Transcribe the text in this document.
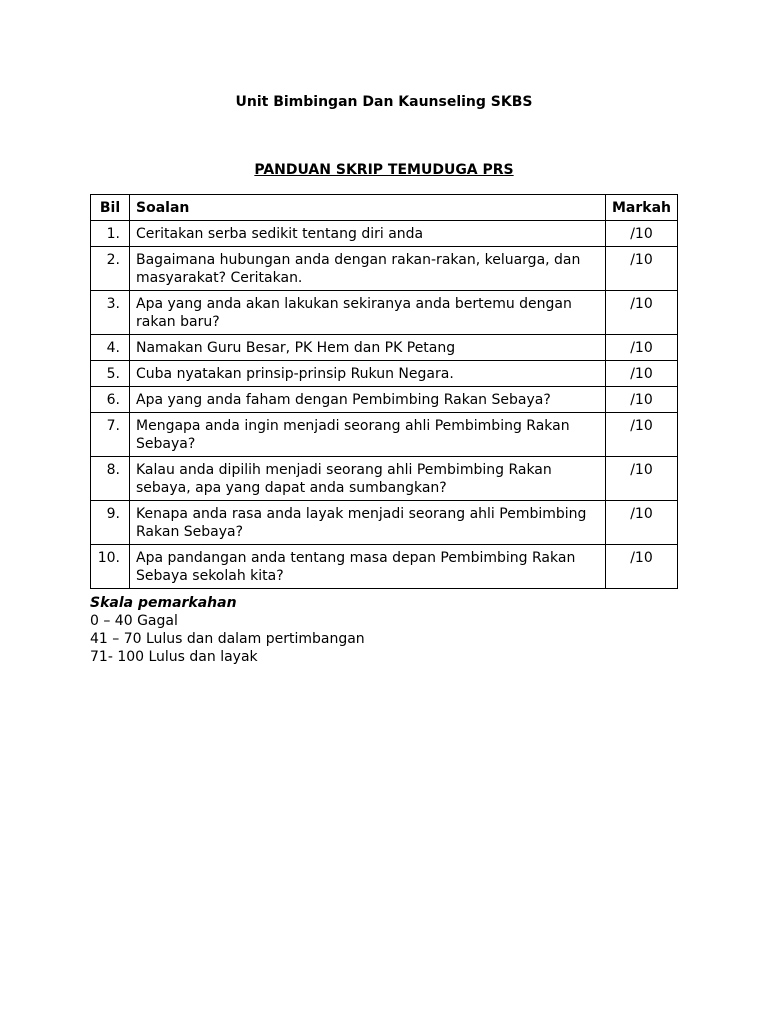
Unit Bimbingan Dan Kaunseling SKBS
PANDUAN SKRIP TEMUDUGA PRS
Bil	Soalan	Markah
1.	Ceritakan serba sedikit tentang diri anda	/10
2.	Bagaimana hubungan anda dengan rakan-rakan, keluarga, dan masyarakat? Ceritakan.	/10
3.	Apa yang anda akan lakukan sekiranya anda bertemu dengan rakan baru?	/10
4.	Namakan Guru Besar, PK Hem dan PK Petang	/10
5.	Cuba nyatakan prinsip-prinsip Rukun Negara.	/10
6.	Apa yang anda faham dengan Pembimbing Rakan Sebaya?	/10
7.	Mengapa anda ingin menjadi seorang ahli Pembimbing Rakan Sebaya?	/10
8.	Kalau anda dipilih menjadi seorang ahli Pembimbing Rakan sebaya, apa yang dapat anda sumbangkan?	/10
9.	Kenapa anda rasa anda layak menjadi seorang ahli Pembimbing Rakan Sebaya?	/10
10.	Apa pandangan anda tentang masa depan Pembimbing Rakan Sebaya sekolah kita?	/10
Skala pemarkahan
0 – 40 Gagal
41 – 70 Lulus dan dalam pertimbangan
71- 100 Lulus dan layak
